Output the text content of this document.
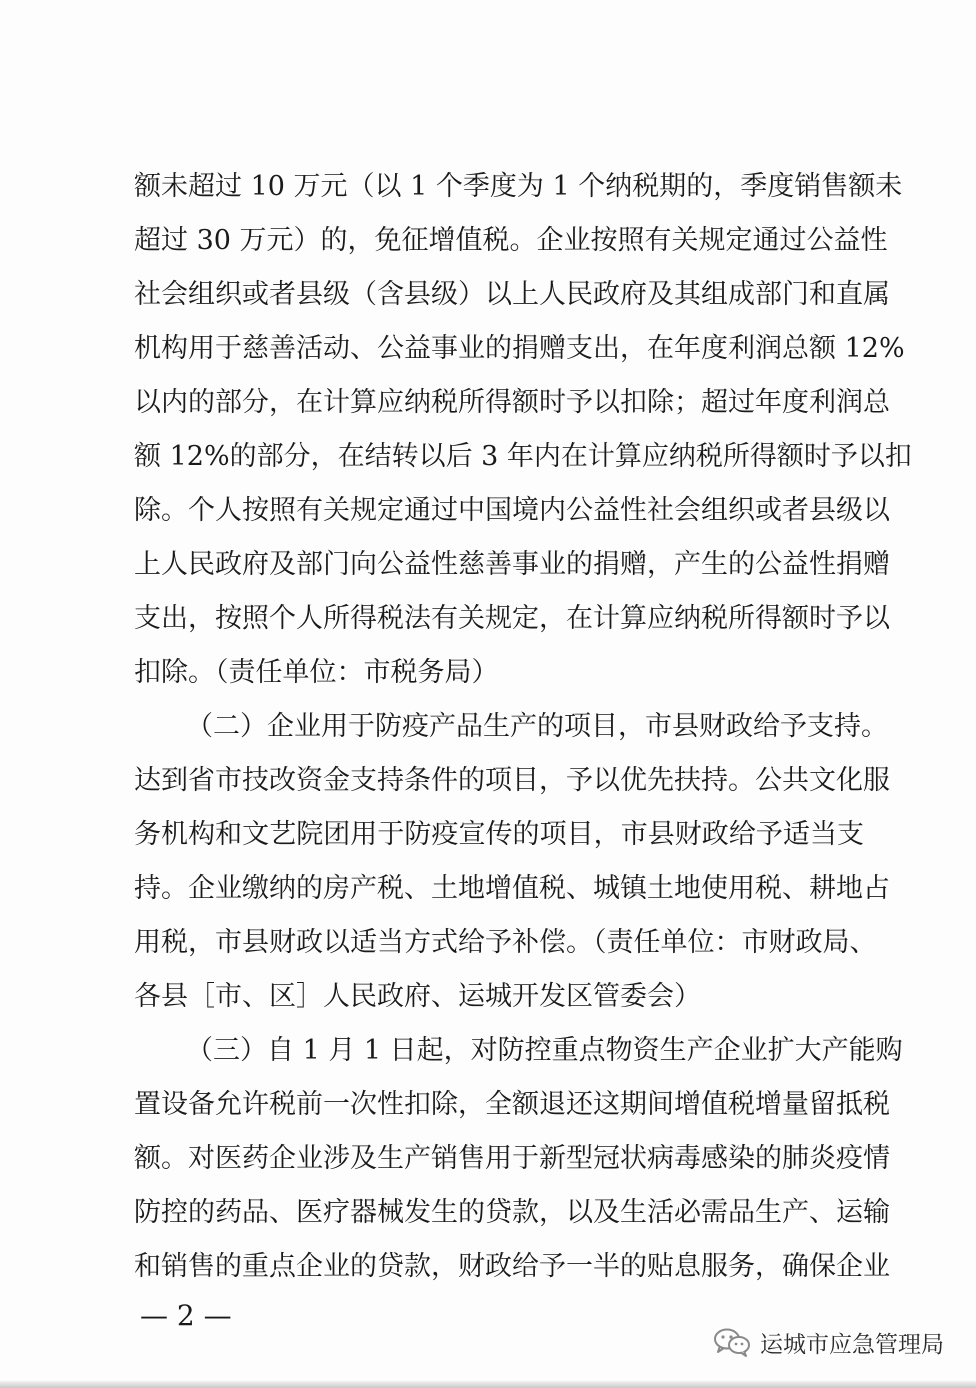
额未超过 10 万元（以 1 个季度为 1 个纳税期的，季度销售额未
超过 30 万元）的，免征增值税。企业按照有关规定通过公益性
社会组织或者县级（含县级）以上人民政府及其组成部门和直属
机构用于慈善活动、公益事业的捐赠支出，在年度利润总额 12%
以内的部分，在计算应纳税所得额时予以扣除；超过年度利润总
额 12%的部分，在结转以后 3 年内在计算应纳税所得额时予以扣
除。个人按照有关规定通过中国境内公益性社会组织或者县级以
上人民政府及部门向公益性慈善事业的捐赠，产生的公益性捐赠
支出，按照个人所得税法有关规定，在计算应纳税所得额时予以
扣除。（责任单位：市税务局）
（二）企业用于防疫产品生产的项目，市县财政给予支持。
达到省市技改资金支持条件的项目，予以优先扶持。公共文化服
务机构和文艺院团用于防疫宣传的项目，市县财政给予适当支
持。企业缴纳的房产税、土地增值税、城镇土地使用税、耕地占
用税，市县财政以适当方式给予补偿。（责任单位：市财政局、
各县［市、区］人民政府、运城开发区管委会）
（三）自 1 月 1 日起，对防控重点物资生产企业扩大产能购
置设备允许税前一次性扣除，全额退还这期间增值税增量留抵税
额。对医药企业涉及生产销售用于新型冠状病毒感染的肺炎疫情
防控的药品、医疗器械发生的贷款，以及生活必需品生产、运输
和销售的重点企业的贷款，财政给予一半的贴息服务，确保企业
— 2 —
运城市应急管理局
